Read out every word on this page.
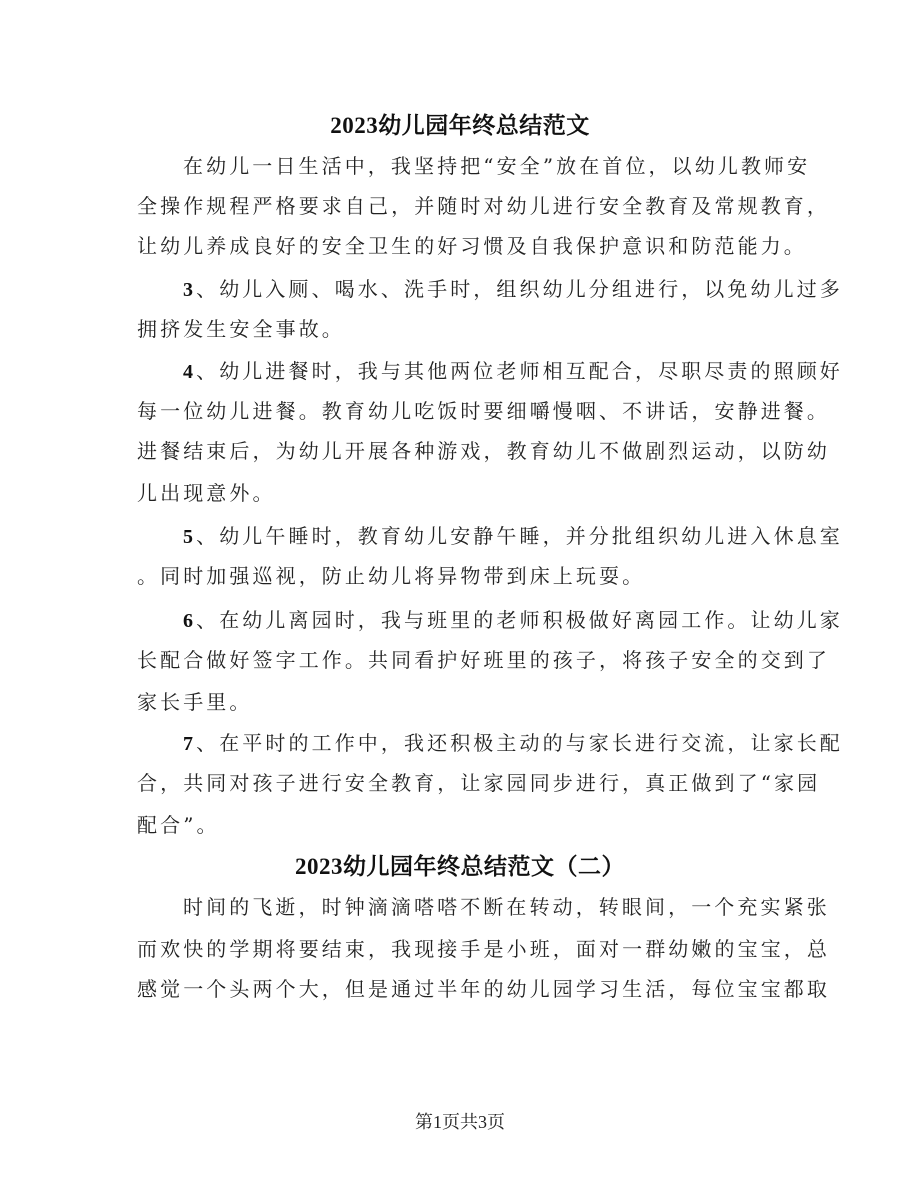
2023幼儿园年终总结范文
在幼儿一日生活中，我坚持把“安全”放在首位，以幼儿教师安
全操作规程严格要求自己，并随时对幼儿进行安全教育及常规教育，
让幼儿养成良好的安全卫生的好习惯及自我保护意识和防范能力。
3、幼儿入厕、喝水、洗手时，组织幼儿分组进行，以免幼儿过多
拥挤发生安全事故。
4、幼儿进餐时，我与其他两位老师相互配合，尽职尽责的照顾好
每一位幼儿进餐。教育幼儿吃饭时要细嚼慢咽、不讲话，安静进餐。
进餐结束后，为幼儿开展各种游戏，教育幼儿不做剧烈运动，以防幼
儿出现意外。
5、幼儿午睡时，教育幼儿安静午睡，并分批组织幼儿进入休息室
。同时加强巡视，防止幼儿将异物带到床上玩耍。
6、在幼儿离园时，我与班里的老师积极做好离园工作。让幼儿家
长配合做好签字工作。共同看护好班里的孩子，将孩子安全的交到了
家长手里。
7、在平时的工作中，我还积极主动的与家长进行交流，让家长配
合，共同对孩子进行安全教育，让家园同步进行，真正做到了“家园
配合”。
2023幼儿园年终总结范文（二）
时间的飞逝，时钟滴滴嗒嗒不断在转动，转眼间，一个充实紧张
而欢快的学期将要结束，我现接手是小班，面对一群幼嫩的宝宝，总
感觉一个头两个大，但是通过半年的幼儿园学习生活，每位宝宝都取
第1页共3页
